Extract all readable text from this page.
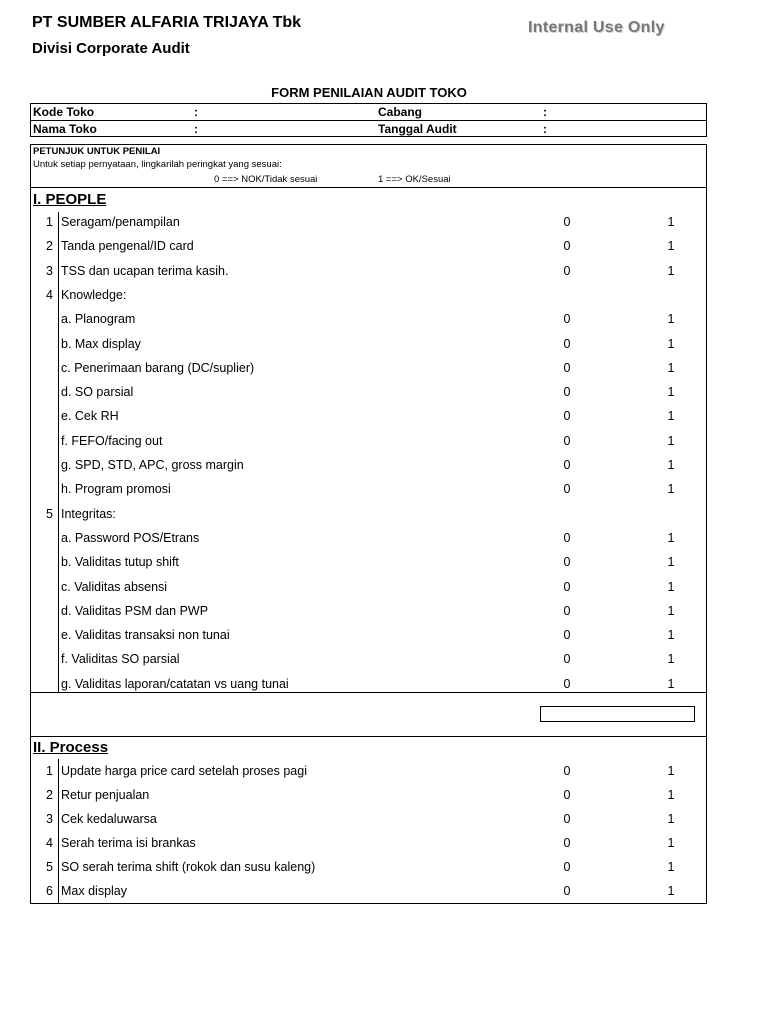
PT SUMBER ALFARIA TRIJAYA Tbk
Divisi Corporate Audit
Internal Use Only
FORM PENILAIAN AUDIT TOKO
Kode Toko	:	Cabang	:
Nama Toko	:	Tanggal Audit	:
PETUNJUK UNTUK PENILAI
Untuk setiap pernyataan, lingkarilah peringkat yang sesuai:
0 ==> NOK/Tidak sesuai	1 ==> OK/Sesuai
I. PEOPLE
1 Seragam/penampilan	0	1
2 Tanda pengenal/ID card	0	1
3 TSS dan ucapan terima kasih.	0	1
4 Knowledge:
a. Planogram	0	1
b. Max display	0	1
c. Penerimaan barang (DC/suplier)	0	1
d. SO parsial	0	1
e. Cek RH	0	1
f. FEFO/facing out	0	1
g. SPD, STD, APC, gross margin	0	1
h. Program promosi	0	1
5 Integritas:
a. Password POS/Etrans	0	1
b. Validitas tutup shift	0	1
c. Validitas absensi	0	1
d. Validitas PSM dan PWP	0	1
e. Validitas transaksi non tunai	0	1
f. Validitas SO parsial	0	1
g. Validitas laporan/catatan vs uang tunai	0	1
II. Process
1 Update harga price card setelah proses pagi	0	1
2 Retur penjualan	0	1
3 Cek kedaluwarsa	0	1
4 Serah terima isi brankas	0	1
5 SO serah terima shift (rokok dan susu kaleng)	0	1
6 Max display	0	1
